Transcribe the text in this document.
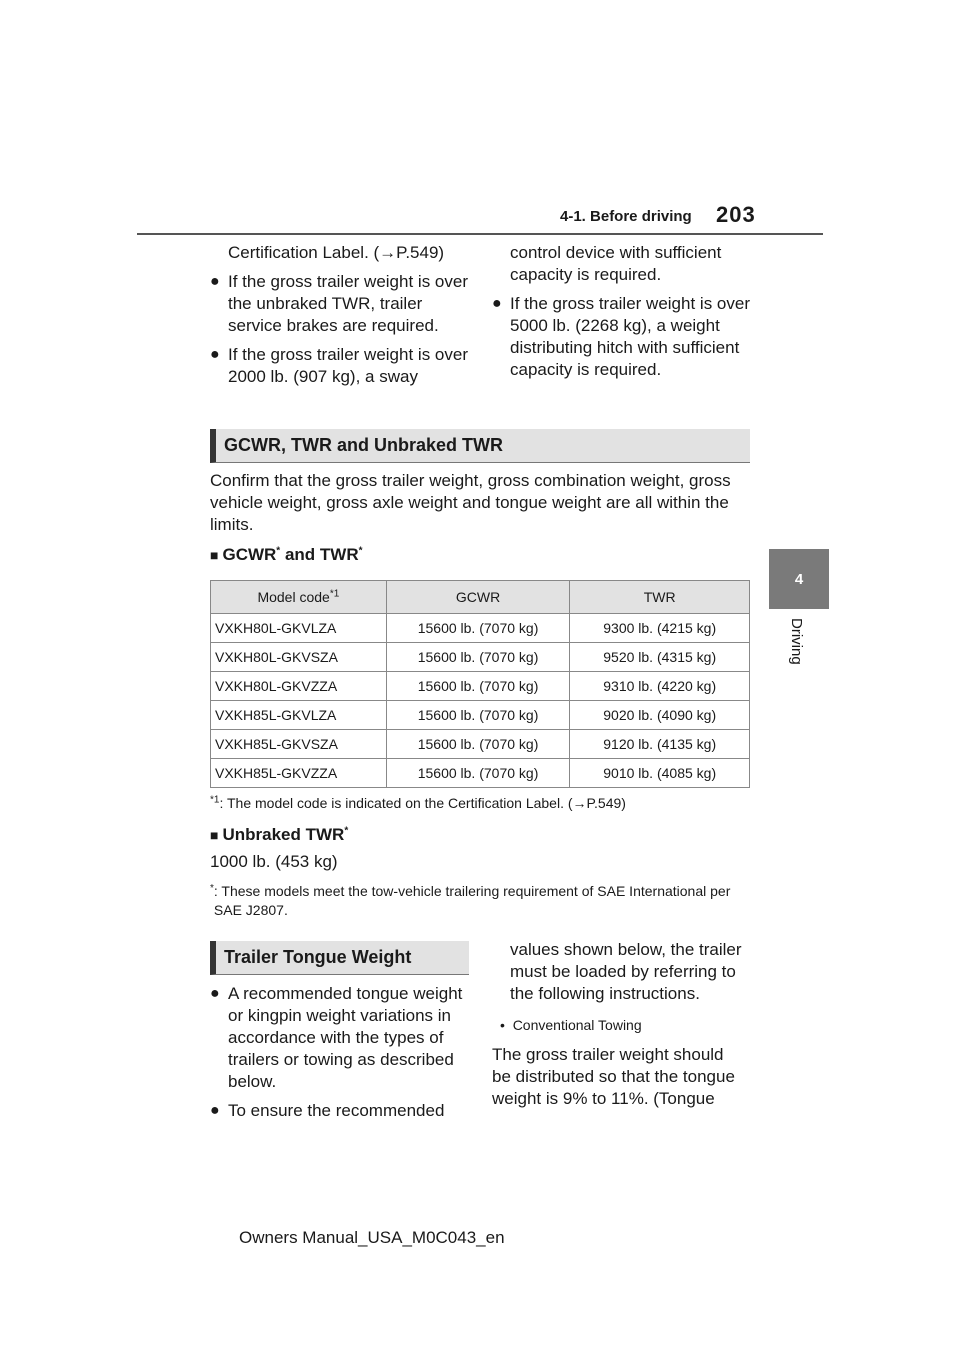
4-1. Before driving 203
4
Driving
Certification Label. (→P.549)
● If the gross trailer weight is over the unbraked TWR, trailer service brakes are required.
● If the gross trailer weight is over 2000 lb. (907 kg), a sway
control device with sufficient capacity is required.
● If the gross trailer weight is over 5000 lb. (2268 kg), a weight distributing hitch with sufficient capacity is required.
GCWR, TWR and Unbraked TWR
Confirm that the gross trailer weight, gross combination weight, gross vehicle weight, gross axle weight and tongue weight are all within the limits.
■ GCWR* and TWR*
Model code$^{*1}$	GCWR	TWR
VXKH80L-GKVLZA	15600 lb. (7070 kg)	9300 lb. (4215 kg)
VXKH80L-GKVSZA	15600 lb. (7070 kg)	9520 lb. (4315 kg)
VXKH80L-GKVZZA	15600 lb. (7070 kg)	9310 lb. (4220 kg)
VXKH85L-GKVLZA	15600 lb. (7070 kg)	9020 lb. (4090 kg)
VXKH85L-GKVSZA	15600 lb. (7070 kg)	9120 lb. (4135 kg)
VXKH85L-GKVZZA	15600 lb. (7070 kg)	9010 lb. (4085 kg)
$^{*1}$: The model code is indicated on the Certification Label. (→P.549)
■ Unbraked TWR*
1000 lb. (453 kg)
* : These models meet the tow-vehicle trailering requirement of SAE International per SAE J2807.
Trailer Tongue Weight
● A recommended tongue weight or kingpin weight variations in accordance with the types of trailers or towing as described below.
● To ensure the recommended
values shown below, the trailer must be loaded by referring to the following instructions.
• Conventional Towing
The gross trailer weight should be distributed so that the tongue weight is 9% to 11%. (Tongue
Owners Manual_USA_M0C043_en
